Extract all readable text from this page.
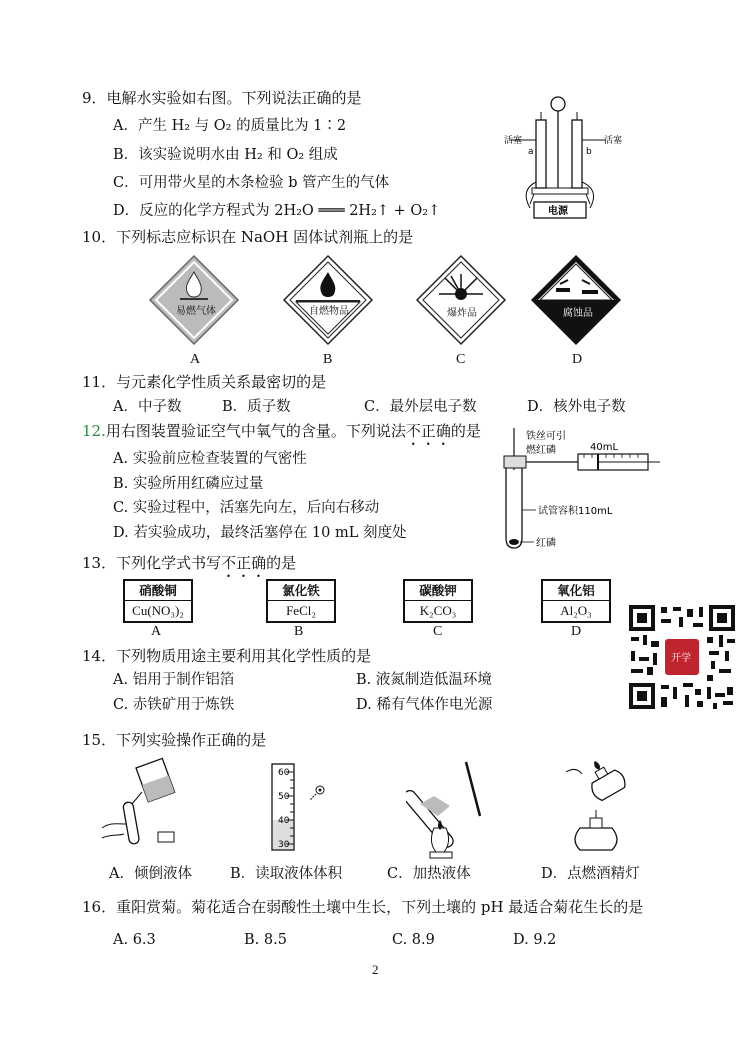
9．电解水实验如右图。下列说法正确的是
A．产生 H₂ 与 O₂ 的质量比为 1∶2
B．该实验说明水由 H₂ 和 O₂ 组成
C．可用带火星的木条检验 b 管产生的气体
D．反应的化学方程式为 2H₂O ═══ 2H₂↑ + O₂↑
活塞	活塞
a	b
电源
10．下列标志应标识在 NaOH 固体试剂瓶上的是
易燃气体
A
自燃物品
B
爆炸品
C
腐蚀品
D
11．与元素化学性质关系最密切的是
A．中子数	B．质子数	C．最外层电子数	D．核外电子数
12.用右图装置验证空气中氧气的含量。下列说法不正确的是
A. 实验前应检查装置的气密性
B. 实验所用红磷应过量
C. 实验过程中，活塞先向左，后向右移动
D. 若实验成功，最终活塞停在 10 mL 刻度处
铁丝可引
燃红磷	40mL
试管容积110mL
红磷
13．下列化学式书写不正确的是
硝酸铜
Cu(NO₃)₂
A
氯化铁
FeCl₂
B
碳酸钾
K₂CO₃
C
氧化铝
Al₂O₃
D
开学
14．下列物质用途主要利用其化学性质的是
A. 铝用于制作铝箔	B. 液氮制造低温环境
C. 赤铁矿用于炼铁	D. 稀有气体作电光源
15．下列实验操作正确的是
60
50
40
30
A．倾倒液体	B．读取液体体积	C．加热液体	D．点燃酒精灯
16．重阳赏菊。菊花适合在弱酸性土壤中生长，下列土壤的 pH 最适合菊花生长的是
A. 6.3	B. 8.5	C. 8.9	D. 9.2
2
